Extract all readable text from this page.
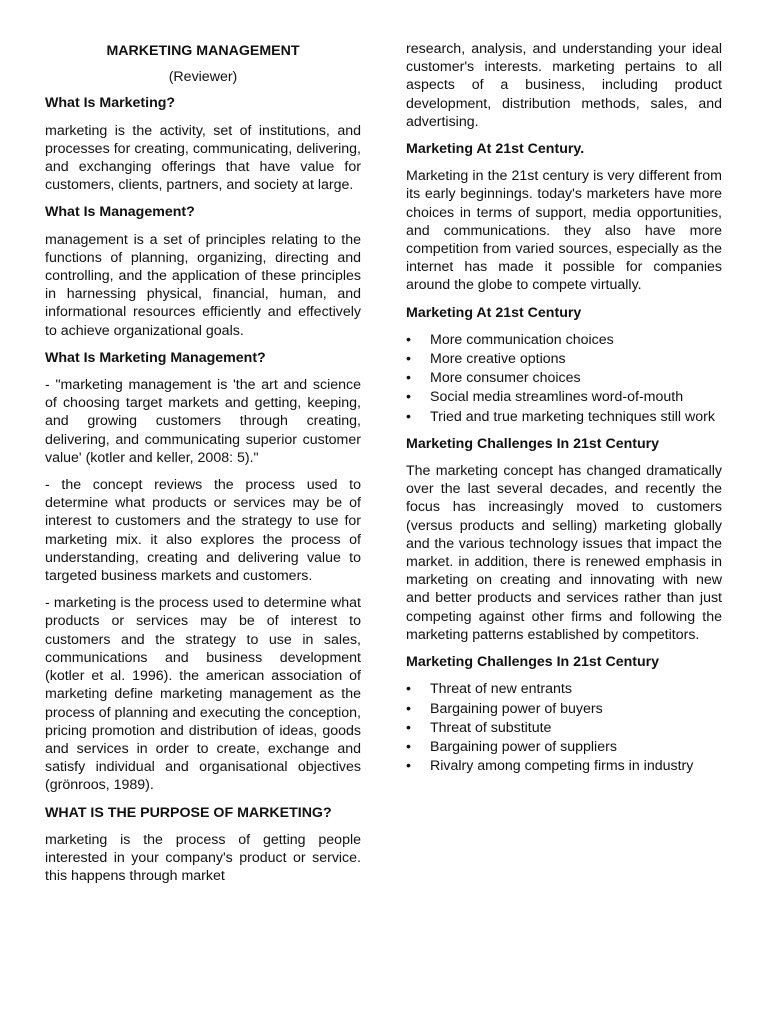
MARKETING MANAGEMENT

(Reviewer)

What Is Marketing?

marketing is the activity, set of institutions, and processes for creating, communicating, delivering, and exchanging offerings that have value for customers, clients, partners, and society at large.

What Is Management?

management is a set of principles relating to the functions of planning, organizing, directing and controlling, and the application of these principles in harnessing physical, financial, human, and informational resources efficiently and effectively to achieve organizational goals.

What Is Marketing Management?

- "marketing management is 'the art and science of choosing target markets and getting, keeping, and growing customers through creating, delivering, and communicating superior customer value' (kotler and keller, 2008: 5)."

- the concept reviews the process used to determine what products or services may be of interest to customers and the strategy to use for marketing mix. it also explores the process of understanding, creating and delivering value to targeted business markets and customers.

- marketing is the process used to determine what products or services may be of interest to customers and the strategy to use in sales, communications and business development (kotler et al. 1996). the american association of marketing define marketing management as the process of planning and executing the conception, pricing promotion and distribution of ideas, goods and services in order to create, exchange and satisfy individual and organisational objectives (grönroos, 1989).

WHAT IS THE PURPOSE OF MARKETING?

marketing is the process of getting people interested in your company's product or service. this happens through market

research, analysis, and understanding your ideal customer's interests. marketing pertains to all aspects of a business, including product development, distribution methods, sales, and advertising.

Marketing At 21st Century.

Marketing in the 21st century is very different from its early beginnings. today's marketers have more choices in terms of support, media opportunities, and communications. they also have more competition from varied sources, especially as the internet has made it possible for companies around the globe to compete virtually.

Marketing At 21st Century

•	More communication choices
•	More creative options
•	More consumer choices
•	Social media streamlines word-of-mouth
•	Tried and true marketing techniques still work

Marketing Challenges In 21st Century

The marketing concept has changed dramatically over the last several decades, and recently the focus has increasingly moved to customers (versus products and selling) marketing globally and the various technology issues that impact the market. in addition, there is renewed emphasis in marketing on creating and innovating with new and better products and services rather than just competing against other firms and following the marketing patterns established by competitors.

Marketing Challenges In 21st Century

•	Threat of new entrants
•	Bargaining power of buyers
•	Threat of substitute
•	Bargaining power of suppliers
•	Rivalry among competing firms in industry
